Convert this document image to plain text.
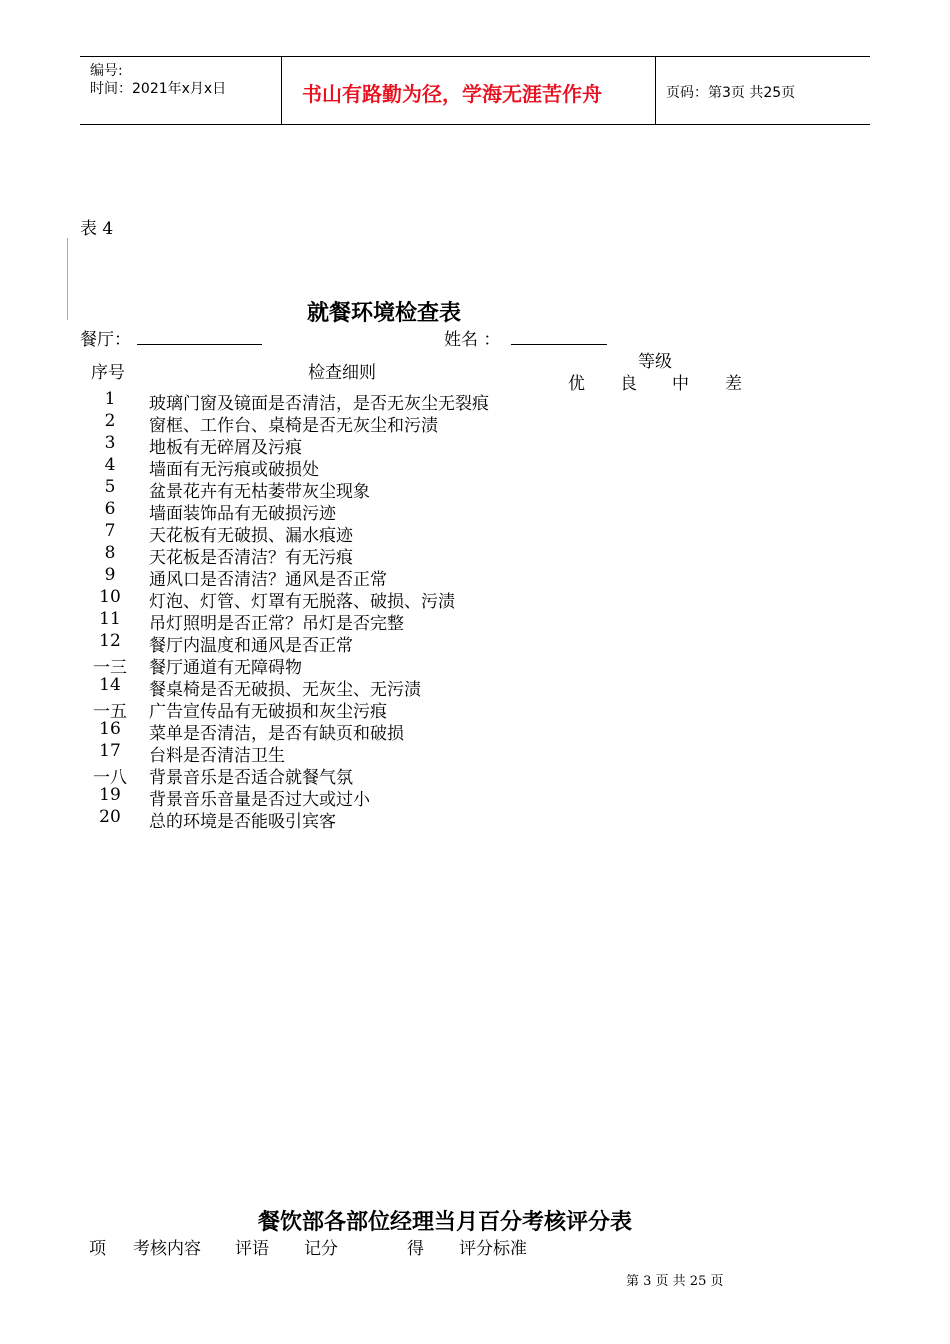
编号:
时间：2021年x月x日	书山有路勤为径，学海无涯苦作舟	页码：第3页 共25页
表 4
就餐环境检查表
餐厅：	姓名 ：
序号	检查细则
等级
优 良 中 差
1	玻璃门窗及镜面是否清洁，是否无灰尘无裂痕
2	窗框、工作台、桌椅是否无灰尘和污渍
3	地板有无碎屑及污痕
4	墙面有无污痕或破损处
5	盆景花卉有无枯萎带灰尘现象
6	墙面装饰品有无破损污迹
7	天花板有无破损、漏水痕迹
8	天花板是否清洁？有无污痕
9	通风口是否清洁？通风是否正常
10	灯泡、灯管、灯罩有无脱落、破损、污渍
11	吊灯照明是否正常？吊灯是否完整
12	餐厅内温度和通风是否正常
一三 餐厅通道有无障碍物
14	餐桌椅是否无破损、无灰尘、无污渍
一五 广告宣传品有无破损和灰尘污痕
16	菜单是否清洁，是否有缺页和破损
17	台料是否清洁卫生
一八 背景音乐是否适合就餐气氛
19	背景音乐音量是否过大或过小
20	总的环境是否能吸引宾客
餐饮部各部位经理当月百分考核评分表
项 考核内容 评语 记分	得 评分标准
第 3 页 共 25 页
